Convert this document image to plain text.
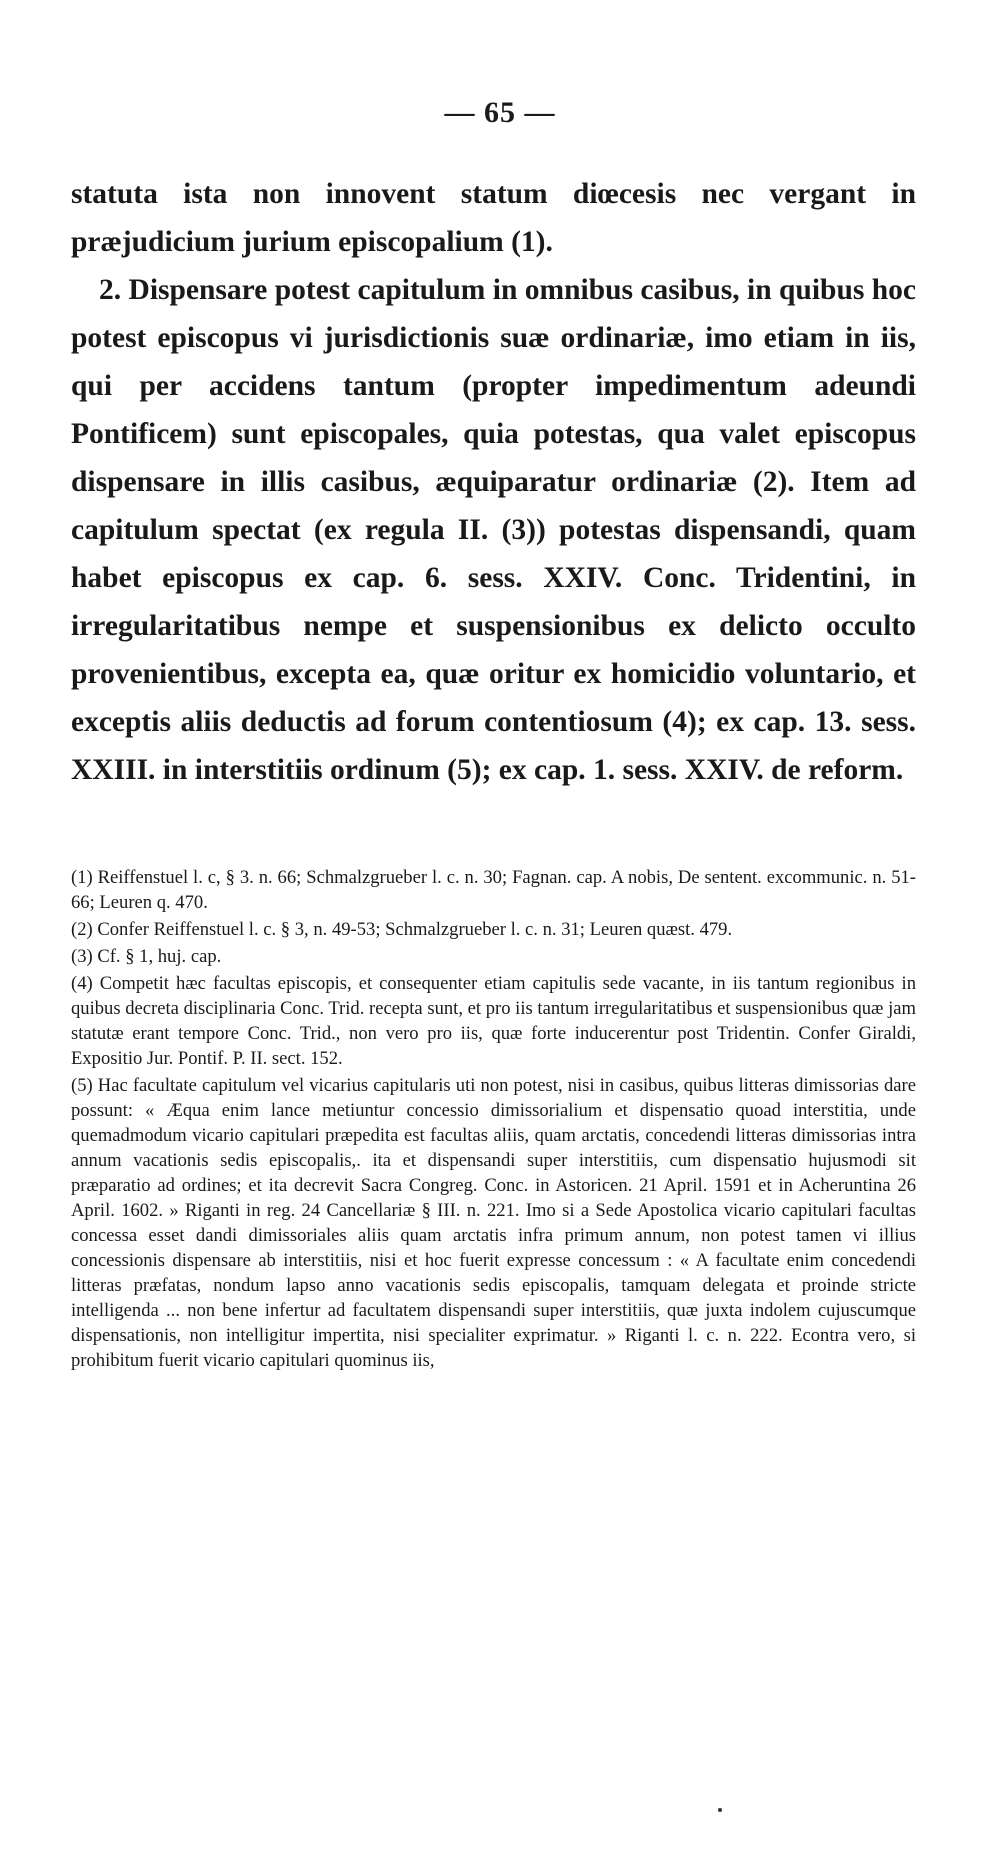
— 65 —

statuta ista non innovent statum diœcesis nec vergant in præjudicium jurium episcopalium (1).

2. Dispensare potest capitulum in omnibus casibus, in quibus hoc potest episcopus vi jurisdictionis suæ ordinariæ, imo etiam in iis, qui per accidens tantum (propter impedimentum adeundi Pontificem) sunt episcopales, quia potestas, qua valet episcopus dispensare in illis casibus, æquiparatur ordinariæ (2). Item ad capitulum spectat (ex regula II. (3)) potestas dispensandi, quam habet episcopus ex cap. 6. sess. XXIV. Conc. Tridentini, in irregularitatibus nempe et suspensionibus ex delicto occulto provenientibus, excepta ea, quæ oritur ex homicidio voluntario, et exceptis aliis deductis ad forum contentiosum (4); ex cap. 13. sess. XXIII. in interstitiis ordinum (5); ex cap. 1. sess. XXIV. de reform.

(1) Reiffenstuel l. c, § 3. n. 66; Schmalzgrueber l. c. n. 30; Fagnan. cap. A nobis, De sentent. excommunic. n. 51-66; Leuren q. 470.

(2) Confer Reiffenstuel l. c. § 3, n. 49-53; Schmalzgrueber l. c. n. 31; Leuren quæst. 479.

(3) Cf. § 1, huj. cap.

(4) Competit hæc facultas episcopis, et consequenter etiam capitulis sede vacante, in iis tantum regionibus in quibus decreta disciplinaria Conc. Trid. recepta sunt, et pro iis tantum irregularitatibus et suspensionibus quæ jam statutæ erant tempore Conc. Trid., non vero pro iis, quæ forte inducerentur post Tridentin. Confer Giraldi, Expositio Jur. Pontif. P. II. sect. 152.

(5) Hac facultate capitulum vel vicarius capitularis uti non potest, nisi in casibus, quibus litteras dimissorias dare possunt: « Æqua enim lance metiuntur concessio dimissorialium et dispensatio quoad interstitia, unde quemadmodum vicario capitulari præpedita est facultas aliis, quam arctatis, concedendi litteras dimissorias intra annum vacationis sedis episcopalis,. ita et dispensandi super interstitiis, cum dispensatio hujusmodi sit præparatio ad ordines; et ita decrevit Sacra Congreg. Conc. in Astoricen. 21 April. 1591 et in Acheruntina 26 April. 1602. » Riganti in reg. 24 Cancellariæ § III. n. 221. Imo si a Sede Apostolica vicario capitulari facultas concessa esset dandi dimissoriales aliis quam arctatis infra primum annum, non potest tamen vi illius concessionis dispensare ab interstitiis, nisi et hoc fuerit expresse concessum : « A facultate enim concedendi litteras præfatas, nondum lapso anno vacationis sedis episcopalis, tamquam delegata et proinde stricte intelligenda ... non bene infertur ad facultatem dispensandi super interstitiis, quæ juxta indolem cujuscumque dispensationis, non intelligitur impertita, nisi specialiter exprimatur. » Riganti l. c. n. 222. Econtra vero, si prohibitum fuerit vicario capitulari quominus iis,
